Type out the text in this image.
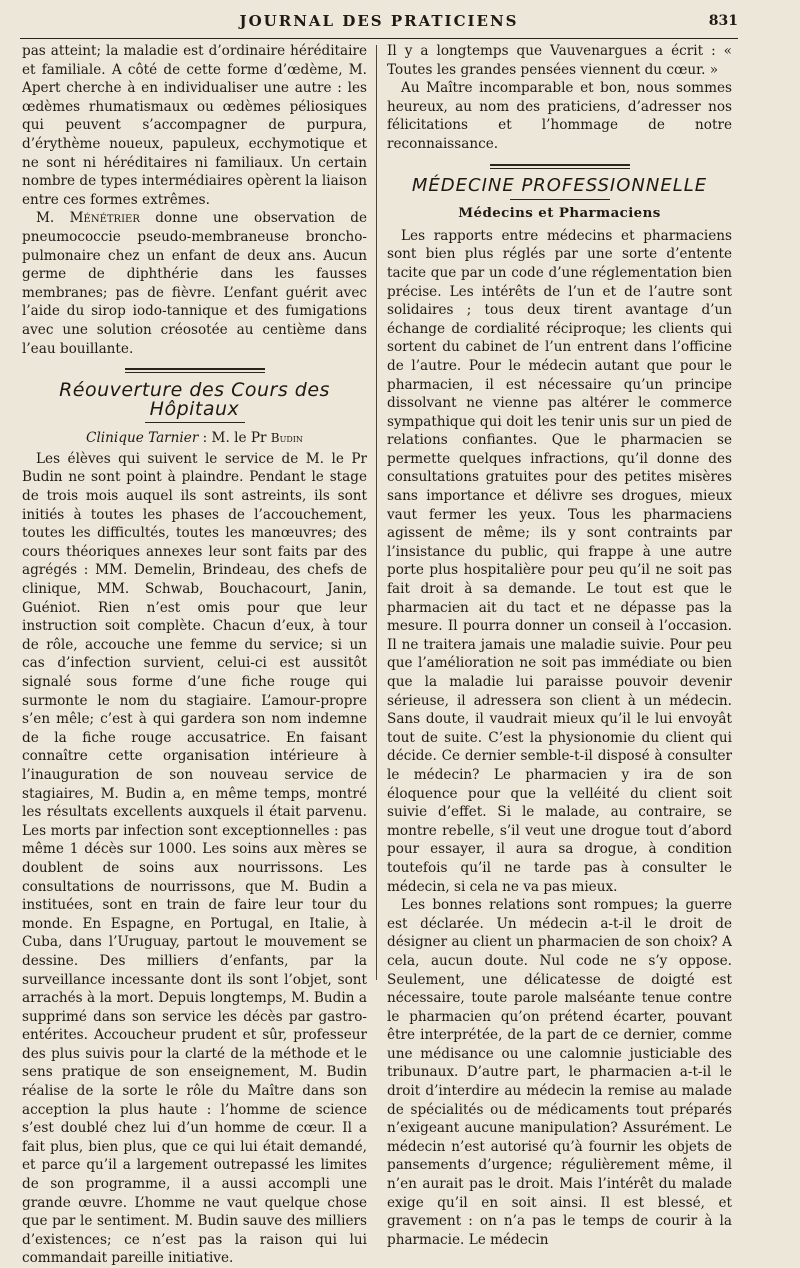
JOURNAL DES PRATICIENS	831

pas atteint; la maladie est d’ordinaire héréditaire et familiale. A côté de cette forme d’œdème, M. Apert cherche à en individualiser une autre : les œdèmes rhumatismaux ou œdèmes péliosiques qui peuvent s’accompagner de purpura, d’érythème noueux, papuleux, ecchymotique et ne sont ni héréditaires ni familiaux. Un certain nombre de types intermédiaires opèrent la liaison entre ces formes extrêmes.

M. Ménétrier donne une observation de pneumococcie pseudo-membraneuse broncho-pulmonaire chez un enfant de deux ans. Aucun germe de diphthérie dans les fausses membranes; pas de fièvre. L’enfant guérit avec l’aide du sirop iodo-tannique et des fumigations avec une solution créosotée au centième dans l’eau bouillante.

Réouverture des Cours des Hôpitaux
Clinique Tarnier : M. le Pr Budin

Les élèves qui suivent le service de M. le Pr Budin ne sont point à plaindre. Pendant le stage de trois mois auquel ils sont astreints, ils sont initiés à toutes les phases de l’accouchement, toutes les difficultés, toutes les manœuvres; des cours théoriques annexes leur sont faits par des agrégés : MM. Demelin, Brindeau, des chefs de clinique, MM. Schwab, Bouchacourt, Janin, Guéniot. Rien n’est omis pour que leur instruction soit complète. Chacun d’eux, à tour de rôle, accouche une femme du service; si un cas d’infection survient, celui-ci est aussitôt signalé sous forme d’une fiche rouge qui surmonte le nom du stagiaire. L’amour-propre s’en mêle; c’est à qui gardera son nom indemne de la fiche rouge accusatrice. En faisant connaître cette organisation intérieure à l’inauguration de son nouveau service de stagiaires, M. Budin a, en même temps, montré les résultats excellents auxquels il était parvenu. Les morts par infection sont exceptionnelles : pas même 1 décès sur 1000. Les soins aux mères se doublent de soins aux nourrissons. Les consultations de nourrissons, que M. Budin a instituées, sont en train de faire leur tour du monde. En Espagne, en Portugal, en Italie, à Cuba, dans l’Uruguay, partout le mouvement se dessine. Des milliers d’enfants, par la surveillance incessante dont ils sont l’objet, sont arrachés à la mort. Depuis longtemps, M. Budin a supprimé dans son service les décès par gastro-entérites. Accoucheur prudent et sûr, professeur des plus suivis pour la clarté de la méthode et le sens pratique de son enseignement, M. Budin réalise de la sorte le rôle du Maître dans son acception la plus haute : l’homme de science s’est doublé chez lui d’un homme de cœur. Il a fait plus, bien plus, que ce qui lui était demandé, et parce qu’il a largement outrepassé les limites de son programme, il a aussi accompli une grande œuvre. L’homme ne vaut quelque chose que par le sentiment. M. Budin sauve des milliers d’existences; ce n’est pas la raison qui lui commandait pareille initiative.

Il y a longtemps que Vauvenargues a écrit : « Toutes les grandes pensées viennent du cœur. »

Au Maître incomparable et bon, nous sommes heureux, au nom des praticiens, d’adresser nos félicitations et l’hommage de notre reconnaissance.

MÉDECINE PROFESSIONNELLE
Médecins et Pharmaciens

Les rapports entre médecins et pharmaciens sont bien plus réglés par une sorte d’entente tacite que par un code d’une réglementation bien précise. Les intérêts de l’un et de l’autre sont solidaires ; tous deux tirent avantage d’un échange de cordialité réciproque; les clients qui sortent du cabinet de l’un entrent dans l’officine de l’autre. Pour le médecin autant que pour le pharmacien, il est nécessaire qu’un principe dissolvant ne vienne pas altérer le commerce sympathique qui doit les tenir unis sur un pied de relations confiantes. Que le pharmacien se permette quelques infractions, qu’il donne des consultations gratuites pour des petites misères sans importance et délivre ses drogues, mieux vaut fermer les yeux. Tous les pharmaciens agissent de même; ils y sont contraints par l’insistance du public, qui frappe à une autre porte plus hospitalière pour peu qu’il ne soit pas fait droit à sa demande. Le tout est que le pharmacien ait du tact et ne dépasse pas la mesure. Il pourra donner un conseil à l’occasion. Il ne traitera jamais une maladie suivie. Pour peu que l’amélioration ne soit pas immédiate ou bien que la maladie lui paraisse pouvoir devenir sérieuse, il adressera son client à un médecin. Sans doute, il vaudrait mieux qu’il le lui envoyât tout de suite. C’est la physionomie du client qui décide. Ce dernier semble-t-il disposé à consulter le médecin? Le pharmacien y ira de son éloquence pour que la velléité du client soit suivie d’effet. Si le malade, au contraire, se montre rebelle, s’il veut une drogue tout d’abord pour essayer, il aura sa drogue, à condition toutefois qu’il ne tarde pas à consulter le médecin, si cela ne va pas mieux.

Les bonnes relations sont rompues; la guerre est déclarée. Un médecin a-t-il le droit de désigner au client un pharmacien de son choix? A cela, aucun doute. Nul code ne s’y oppose. Seulement, une délicatesse de doigté est nécessaire, toute parole malséante tenue contre le pharmacien qu’on prétend écarter, pouvant être interprétée, de la part de ce dernier, comme une médisance ou une calomnie justiciable des tribunaux. D’autre part, le pharmacien a-t-il le droit d’interdire au médecin la remise au malade de spécialités ou de médicaments tout préparés n’exigeant aucune manipulation? Assurément. Le médecin n’est autorisé qu’à fournir les objets de pansements d’urgence; régulièrement même, il n’en aurait pas le droit. Mais l’intérêt du malade exige qu’il en soit ainsi. Il est blessé, et gravement : on n’a pas le temps de courir à la pharmacie. Le médecin
